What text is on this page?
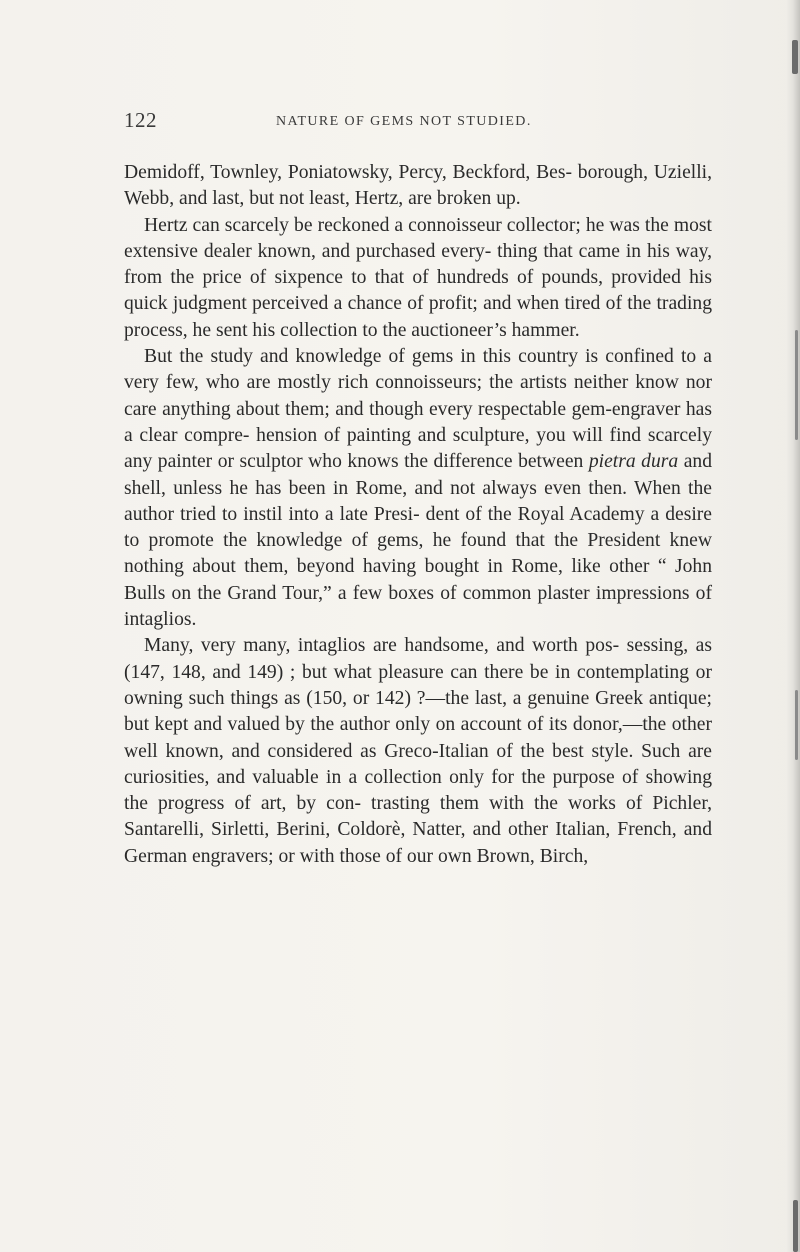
122	NATURE OF GEMS NOT STUDIED.

Demidoff, Townley, Poniatowsky, Percy, Beckford, Bes- borough, Uzielli, Webb, and last, but not least, Hertz, are broken up.

Hertz can scarcely be reckoned a connoisseur collector; he was the most extensive dealer known, and purchased every- thing that came in his way, from the price of sixpence to that of hundreds of pounds, provided his quick judgment perceived a chance of profit; and when tired of the trading process, he sent his collection to the auctioneer’s hammer.

But the study and knowledge of gems in this country is confined to a very few, who are mostly rich connoisseurs; the artists neither know nor care anything about them; and though every respectable gem-engraver has a clear compre- hension of painting and sculpture, you will find scarcely any painter or sculptor who knows the difference between pietra dura and shell, unless he has been in Rome, and not always even then. When the author tried to instil into a late Presi- dent of the Royal Academy a desire to promote the knowledge of gems, he found that the President knew nothing about them, beyond having bought in Rome, like other “ John Bulls on the Grand Tour,” a few boxes of common plaster impressions of intaglios.

Many, very many, intaglios are handsome, and worth pos- sessing, as (147, 148, and 149) ; but what pleasure can there be in contemplating or owning such things as (150, or 142) ?—the last, a genuine Greek antique; but kept and valued by the author only on account of its donor,—the other well known, and considered as Greco-Italian of the best style. Such are curiosities, and valuable in a collection only for the purpose of showing the progress of art, by con- trasting them with the works of Pichler, Santarelli, Sirletti, Berini, Coldorè, Natter, and other Italian, French, and German engravers; or with those of our own Brown, Birch,
